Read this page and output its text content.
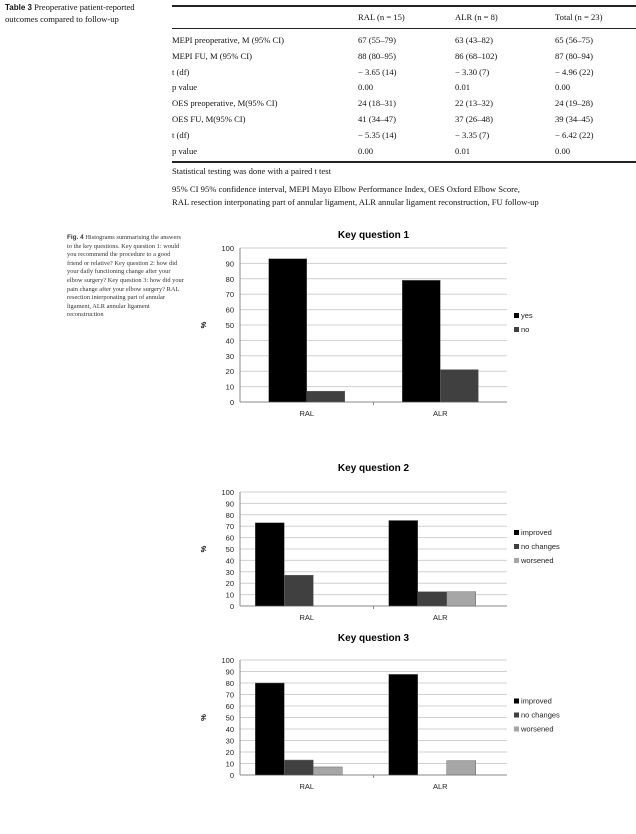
Table 3 Preoperative patient-reported outcomes compared to follow-up	RAL (n = 15)	ALR (n = 8)	Total (n = 23)
MEPI preoperative, M (95% CI)	67 (55–79)	63 (43–82)	65 (56–75)
MEPI FU, M (95% CI)	88 (80–95)	86 (68–102)	87 (80–94)
t (df)	− 3.65 (14)	− 3.30 (7)	− 4.96 (22)
p value	0.00	0.01	0.00
OES preoperative, M(95% CI)	24 (18–31)	22 (13–32)	24 (19–28)
OES FU, M(95% CI)	41 (34–47)	37 (26–48)	39 (34–45)
t (df)	− 5.35 (14)	− 3.35 (7)	− 6.42 (22)
p value	0.00	0.01	0.00
Statistical testing was done with a paired t test
95% CI 95% confidence interval, MEPI Mayo Elbow Performance Index, OES Oxford Elbow Score,
RAL resection interponating part of annular ligament, ALR annular ligament reconstruction, FU follow-up
Fig. 4 Histograms summarising the answers to the key questions. Key question 1: would you recommend the procedure to a good friend or relative? Key question 2: how did your daily functioning change after your elbow surgery? Key question 3: how did your pain change after your elbow surgery? RAL resection interponating part of annular ligament, ALR annular ligament reconstruction
Key question 1
0
10
20
30
40
50
60
70
80
90
100
%
RAL	ALR
yes
no
Key question 2
0
10
20
30
40
50
60
70
80
90
100
%
RAL	ALR
improved
no changes
worsened
Key question 3
0
10
20
30
40
50
60
70
80
90
100
%
RAL	ALR
improved
no changes
worsened
